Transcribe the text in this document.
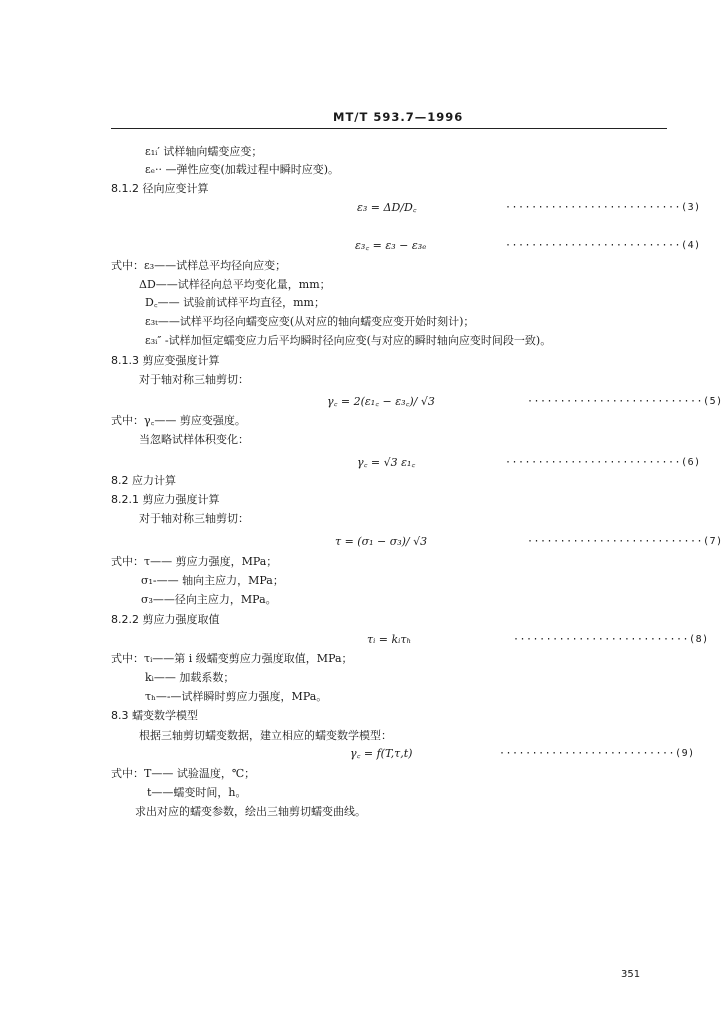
MT/T 593.7—1996
ε₁ᵢ′ 试样轴向蠕变应变；
εₑ·· —弹性应变(加载过程中瞬时应变)。
8.1.2 径向应变计算
ε₃ = ΔD/D꜀	···························(3)
ε₃꜀ = ε₃ − ε₃ₑ	···························(4)
式中：ε₃——试样总平均径向应变；
ΔD——试样径向总平均变化量，mm；
D꜀—— 试验前试样平均直径，mm；
ε₃ₜ——试样平均径向蠕变应变(从对应的轴向蠕变应变开始时刻计)；
ε₃ᵢ″ -试样加恒定蠕变应力后平均瞬时径向应变(与对应的瞬时轴向应变时间段一致)。
8.1.3 剪应变强度计算
对于轴对称三轴剪切：
γ꜀ = 2(ε₁꜀ − ε₃꜀)/ √3	···························(5)
式中：γ꜀—— 剪应变强度。
当忽略试样体积变化：
γ꜀ = √3 ε₁꜀	···························(6)
8.2 应力计算
8.2.1 剪应力强度计算
对于轴对称三轴剪切：
τ = (σ₁ − σ₃)/ √3	···························(7)
式中：τ—— 剪应力强度，MPa；
σ₁-—— 轴向主应力，MPa；
σ₃——径向主应力，MPa。
8.2.2 剪应力强度取值
τᵢ = kᵢτₕ	···························(8)
式中：τᵢ——第 i 级蠕变剪应力强度取值，MPa；
kᵢ—— 加载系数；
τₕ—-—试样瞬时剪应力强度，MPa。
8.3 蠕变数学模型
根据三轴剪切蠕变数据，建立相应的蠕变数学模型：
γ꜀ = f(T,τ,t)	···························(9)
式中：T—— 试验温度，℃；
t——蠕变时间，h。
求出对应的蠕变参数，绘出三轴剪切蠕变曲线。
351
